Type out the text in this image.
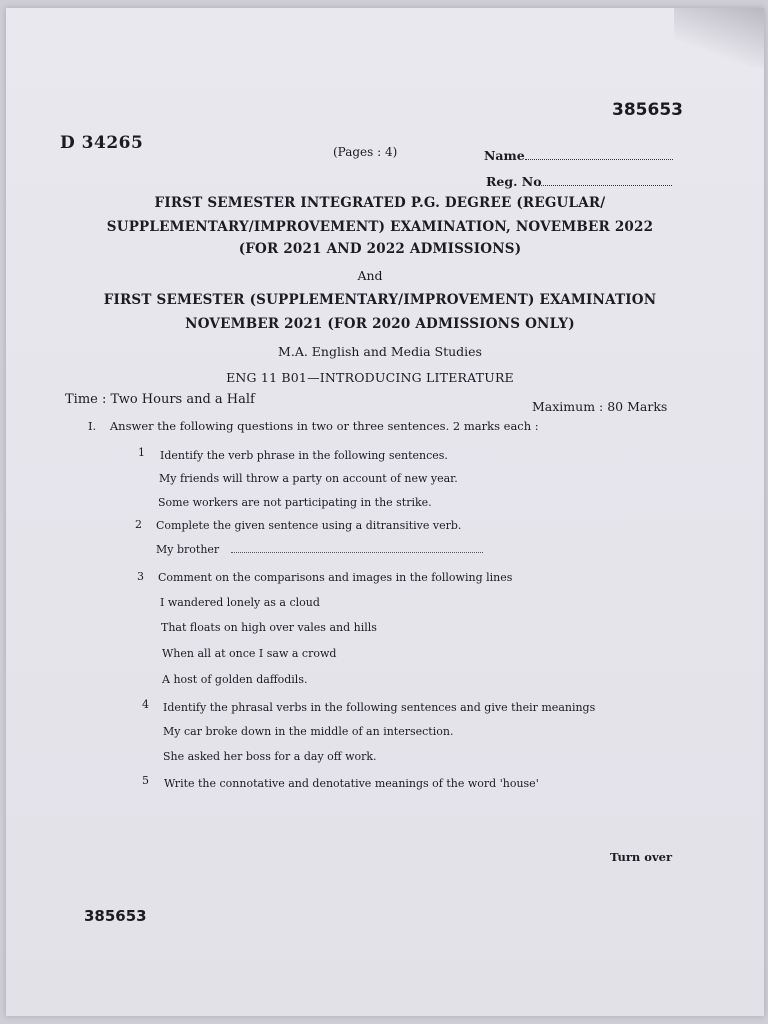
385653
D 34265	(Pages : 4)	Name
Reg. No
FIRST SEMESTER INTEGRATED P.G. DEGREE (REGULAR/
SUPPLEMENTARY/IMPROVEMENT) EXAMINATION, NOVEMBER 2022
(FOR 2021 AND 2022 ADMISSIONS)
And
FIRST SEMESTER (SUPPLEMENTARY/IMPROVEMENT) EXAMINATION
NOVEMBER 2021 (FOR 2020 ADMISSIONS ONLY)
M.A. English and Media Studies
ENG 11 B01—INTRODUCING LITERATURE
Time : Two Hours and a Half	Maximum : 80 Marks
I. Answer the following questions in two or three sentences. 2 marks each :
1 Identify the verb phrase in the following sentences.
My friends will throw a party on account of new year.
Some workers are not participating in the strike.
2 Complete the given sentence using a ditransitive verb.
My brother
3 Comment on the comparisons and images in the following lines
I wandered lonely as a cloud
That floats on high over vales and hills
When all at once I saw a crowd
A host of golden daffodils.
4 Identify the phrasal verbs in the following sentences and give their meanings
My car broke down in the middle of an intersection.
She asked her boss for a day off work.
5 Write the connotative and denotative meanings of the word 'house'
Turn over
385653
